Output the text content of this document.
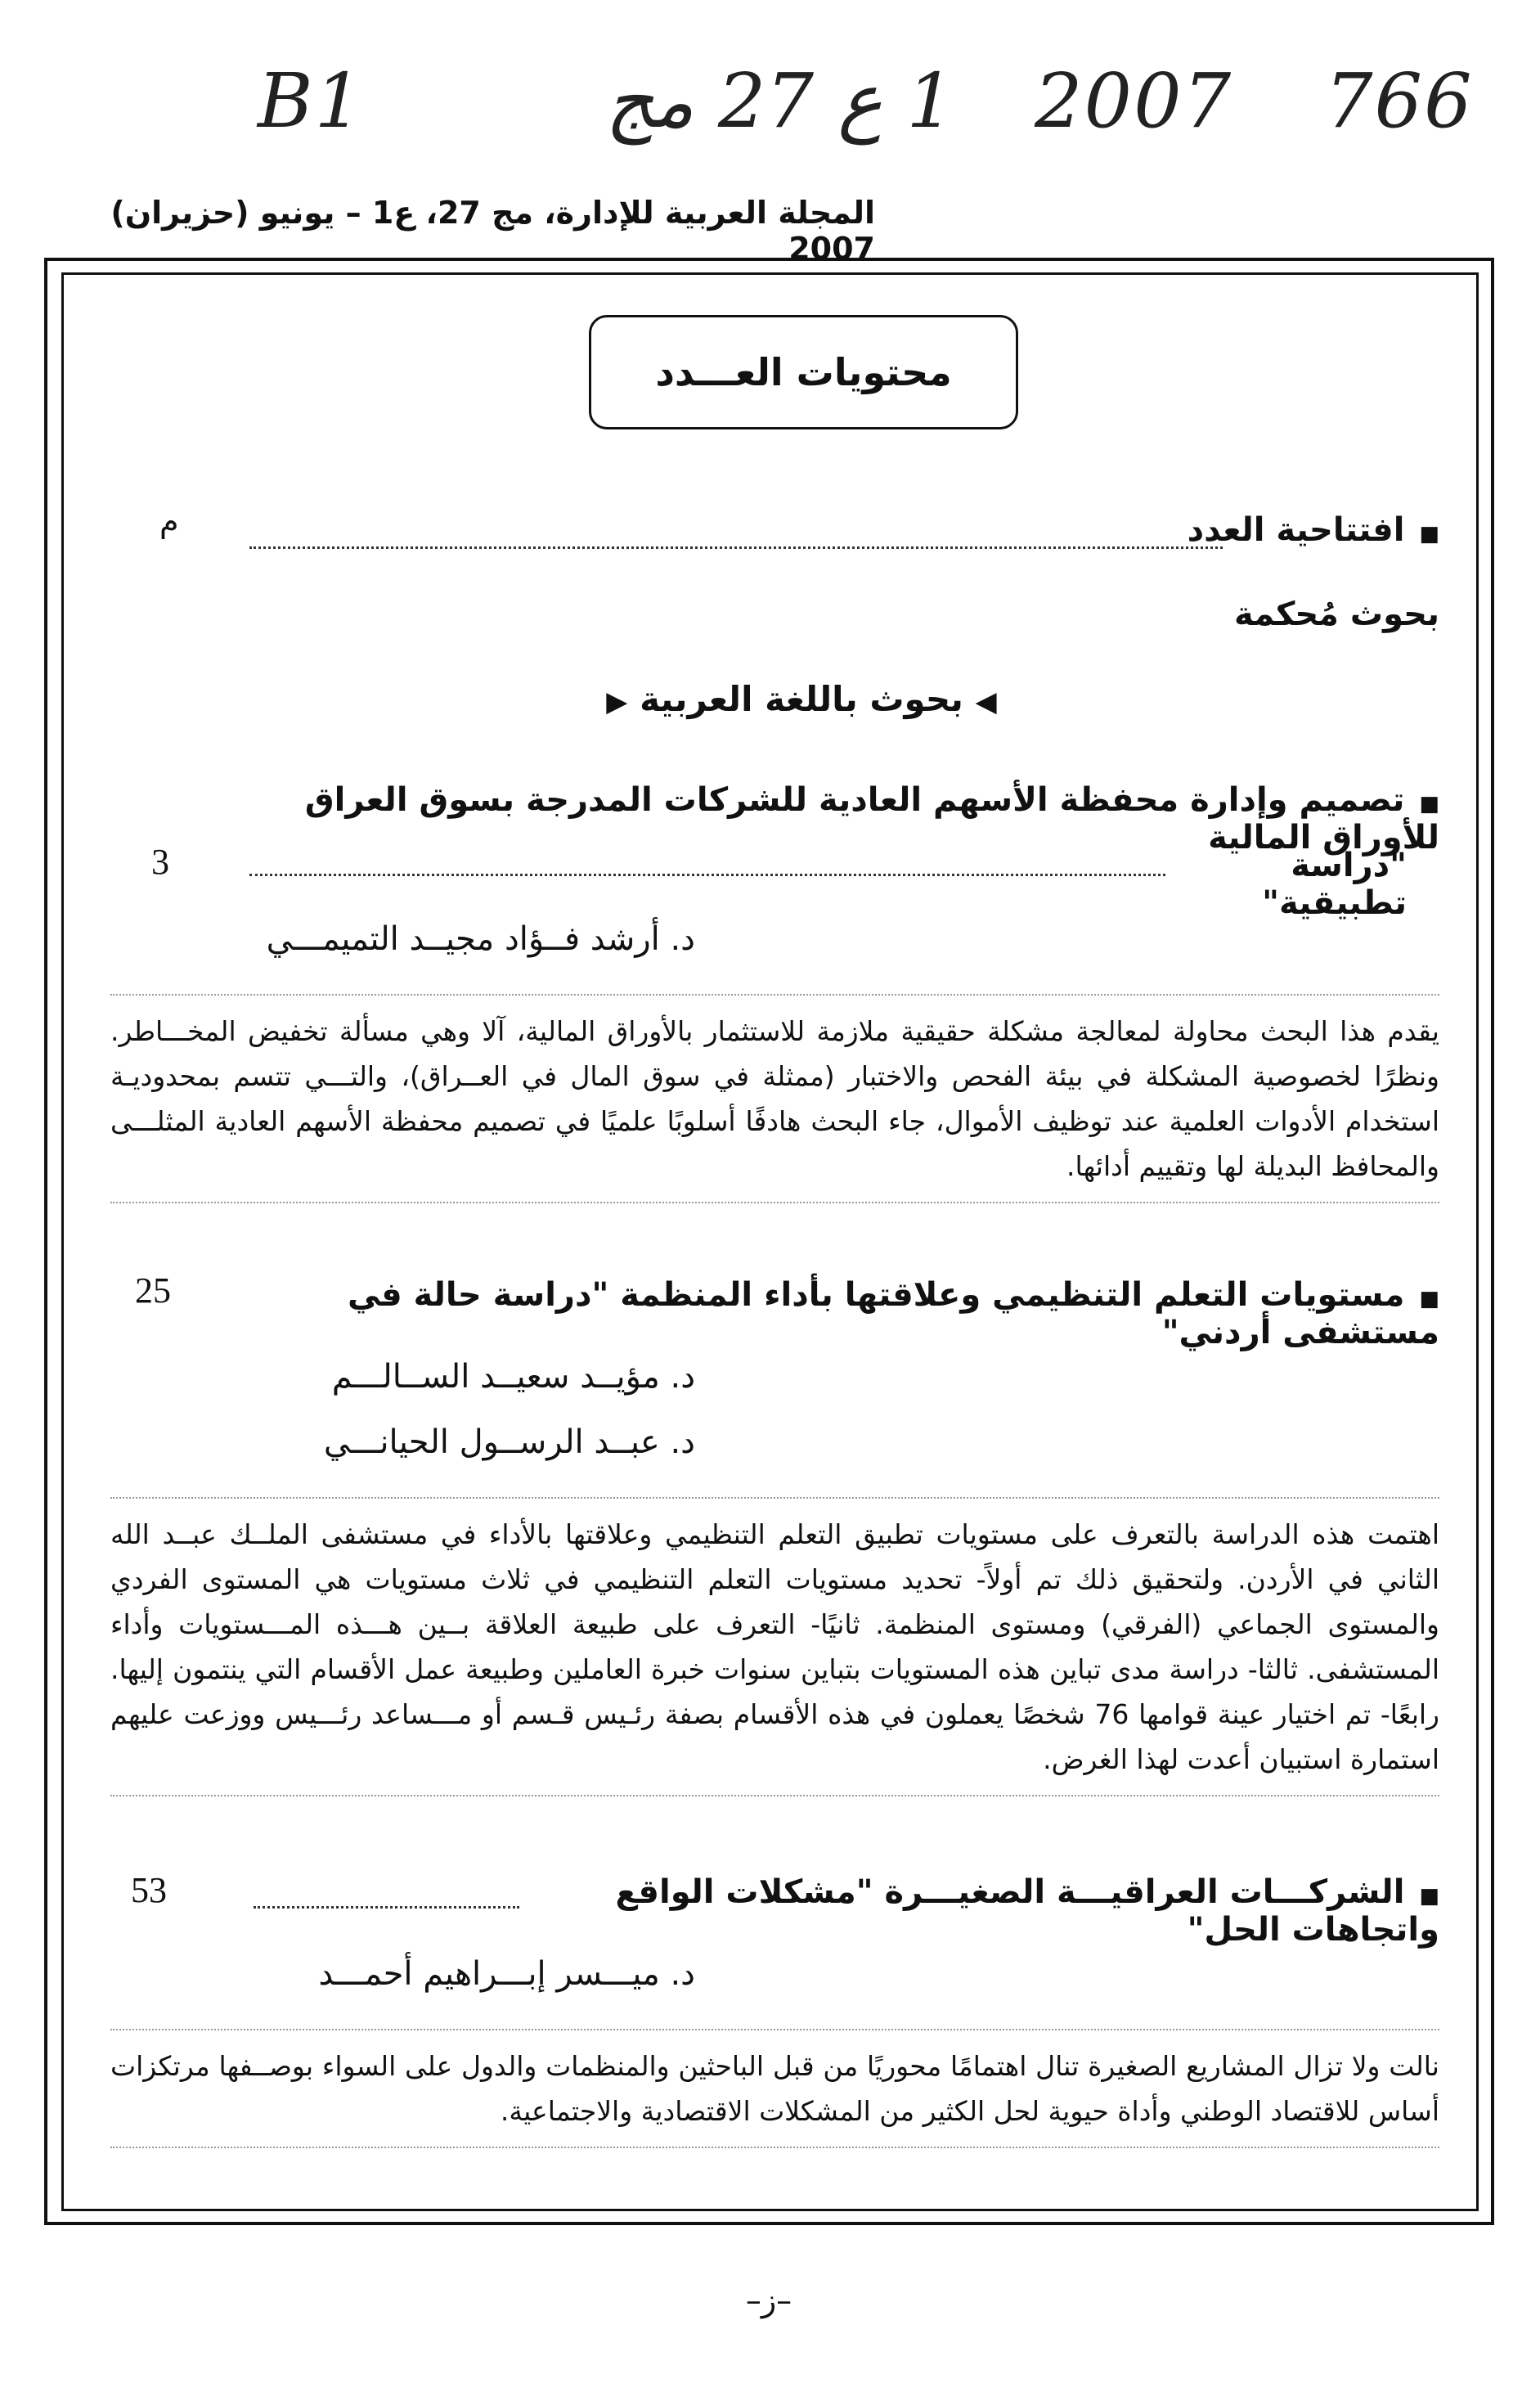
B1	1 ع 27 مج 2007 766
المجلة العربية للإدارة، مج 27، ع1 – يونيو (حزيران) 2007
محتويات العـــدد
■افتتاحية العدد
م
بحوث مُحكمة
◀ بحوث باللغة العربية ▶
■تصميم وإدارة محفظة الأسهم العادية للشركات المدرجة بسوق العراق للأوراق المالية
"دراسة تطبيقية"
3
د. أرشد فــؤاد مجيــد التميمـــي
يقدم هذا البحث محاولة لمعالجة مشكلة حقيقية ملازمة للاستثمار بالأوراق المالية، آلا وهي مسألة تخفيض المخـــاطر. ونظرًا لخصوصية المشكلة في بيئة الفحص والاختبار (ممثلة في سوق المال في العــراق)، والتـــي تتسم بمحدوديـة استخدام الأدوات العلمية عند توظيف الأموال، جاء البحث هادفًا أسلوبًا علميًا في تصميم محفظة الأسهم العادية المثلـــى والمحافظ البديلة لها وتقييم أدائها.
■مستويات التعلم التنظيمي وعلاقتها بأداء المنظمة "دراسة حالة في مستشفى أردني"
25
د. مؤيــد سعيــد الســالـــم
د. عبــد الرســول الحيانـــي
اهتمت هذه الدراسة بالتعرف على مستويات تطبيق التعلم التنظيمي وعلاقتها بالأداء في مستشفى الملــك عبــد الله الثاني في الأردن. ولتحقيق ذلك تم أولاً- تحديد مستويات التعلم التنظيمي في ثلاث مستويات هي المستوى الفردي والمستوى الجماعي (الفرقي) ومستوى المنظمة. ثانيًا- التعرف على طبيعة العلاقة بــين هـــذه المـــستويات وأداء المستشفى. ثالثا- دراسة مدى تباين هذه المستويات بتباين سنوات خبرة العاملين وطبيعة عمل الأقسام التي ينتمون إليها. رابعًا- تم اختيار عينة قوامها 76 شخصًا يعملون في هذه الأقسام بصفة رئـيس قـسم أو مـــساعد رئـــيس ووزعت عليهم استمارة استبيان أعدت لهذا الغرض.
■الشركـــات العراقيـــة الصغيـــرة "مشكلات الواقع واتجاهات الحل"
53
د. ميـــسر إبـــراهيم أحمـــد
نالت ولا تزال المشاريع الصغيرة تنال اهتمامًا محوريًا من قبل الباحثين والمنظمات والدول على السواء بوصــفها مرتكزات أساس للاقتصاد الوطني وأداة حيوية لحل الكثير من المشكلات الاقتصادية والاجتماعية.
–ز–
